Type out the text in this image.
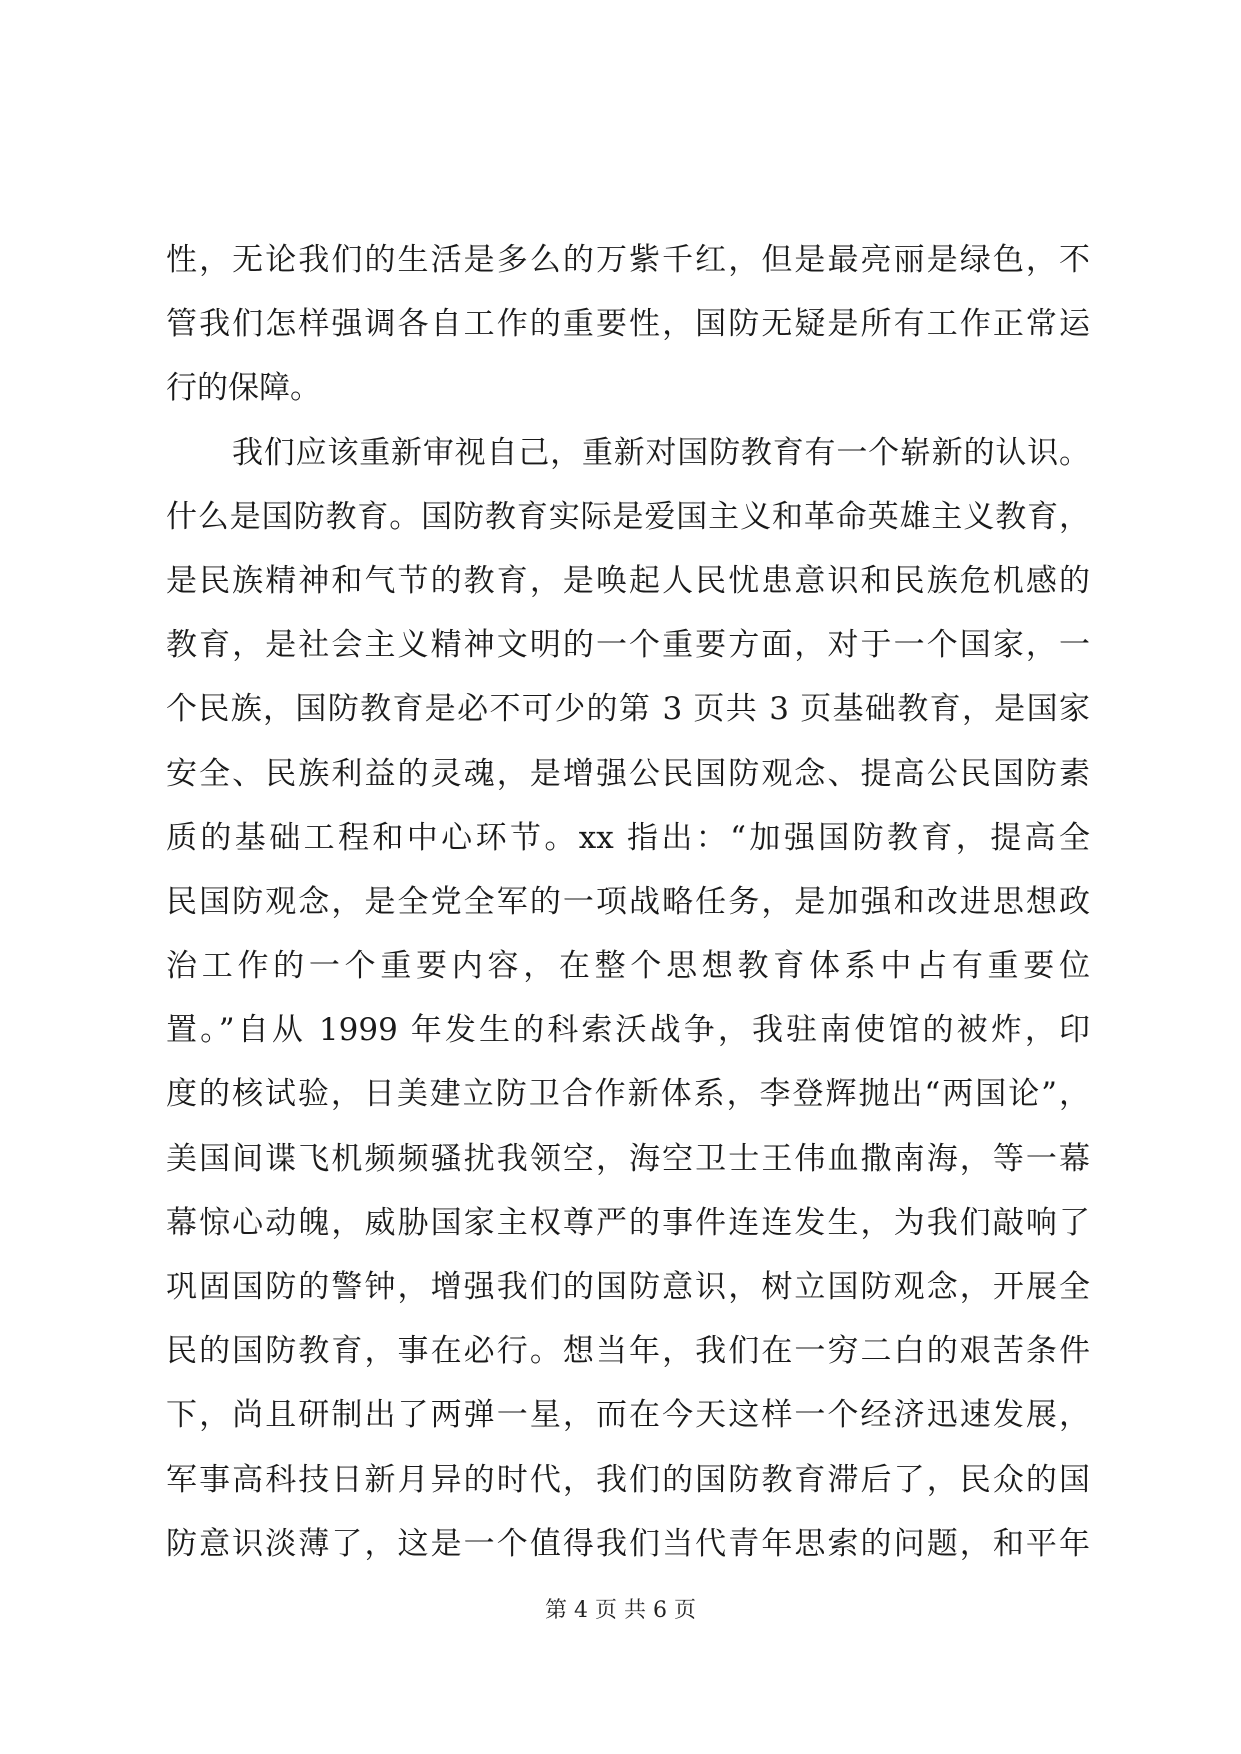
性，无论我们的生活是多么的万紫千红，但是最亮丽是绿色，不
管我们怎样强调各自工作的重要性，国防无疑是所有工作正常运
行的保障。
我们应该重新审视自己，重新对国防教育有一个崭新的认识。
什么是国防教育。国防教育实际是爱国主义和革命英雄主义教育，
是民族精神和气节的教育，是唤起人民忧患意识和民族危机感的
教育，是社会主义精神文明的一个重要方面，对于一个国家，一
个民族，国防教育是必不可少的第 3 页共 3 页基础教育，是国家
安全、民族利益的灵魂，是增强公民国防观念、提高公民国防素
质的基础工程和中心环节。xx 指出：“加强国防教育，提高全
民国防观念，是全党全军的一项战略任务，是加强和改进思想政
治工作的一个重要内容，在整个思想教育体系中占有重要位
置。”自从 1999 年发生的科索沃战争，我驻南使馆的被炸，印
度的核试验，日美建立防卫合作新体系，李登辉抛出“两国论”，
美国间谍飞机频频骚扰我领空，海空卫士王伟血撒南海，等一幕
幕惊心动魄，威胁国家主权尊严的事件连连发生，为我们敲响了
巩固国防的警钟，增强我们的国防意识，树立国防观念，开展全
民的国防教育，事在必行。想当年，我们在一穷二白的艰苦条件
下，尚且研制出了两弹一星，而在今天这样一个经济迅速发展，
军事高科技日新月异的时代，我们的国防教育滞后了，民众的国
防意识淡薄了，这是一个值得我们当代青年思索的问题，和平年
第 4 页 共 6 页
